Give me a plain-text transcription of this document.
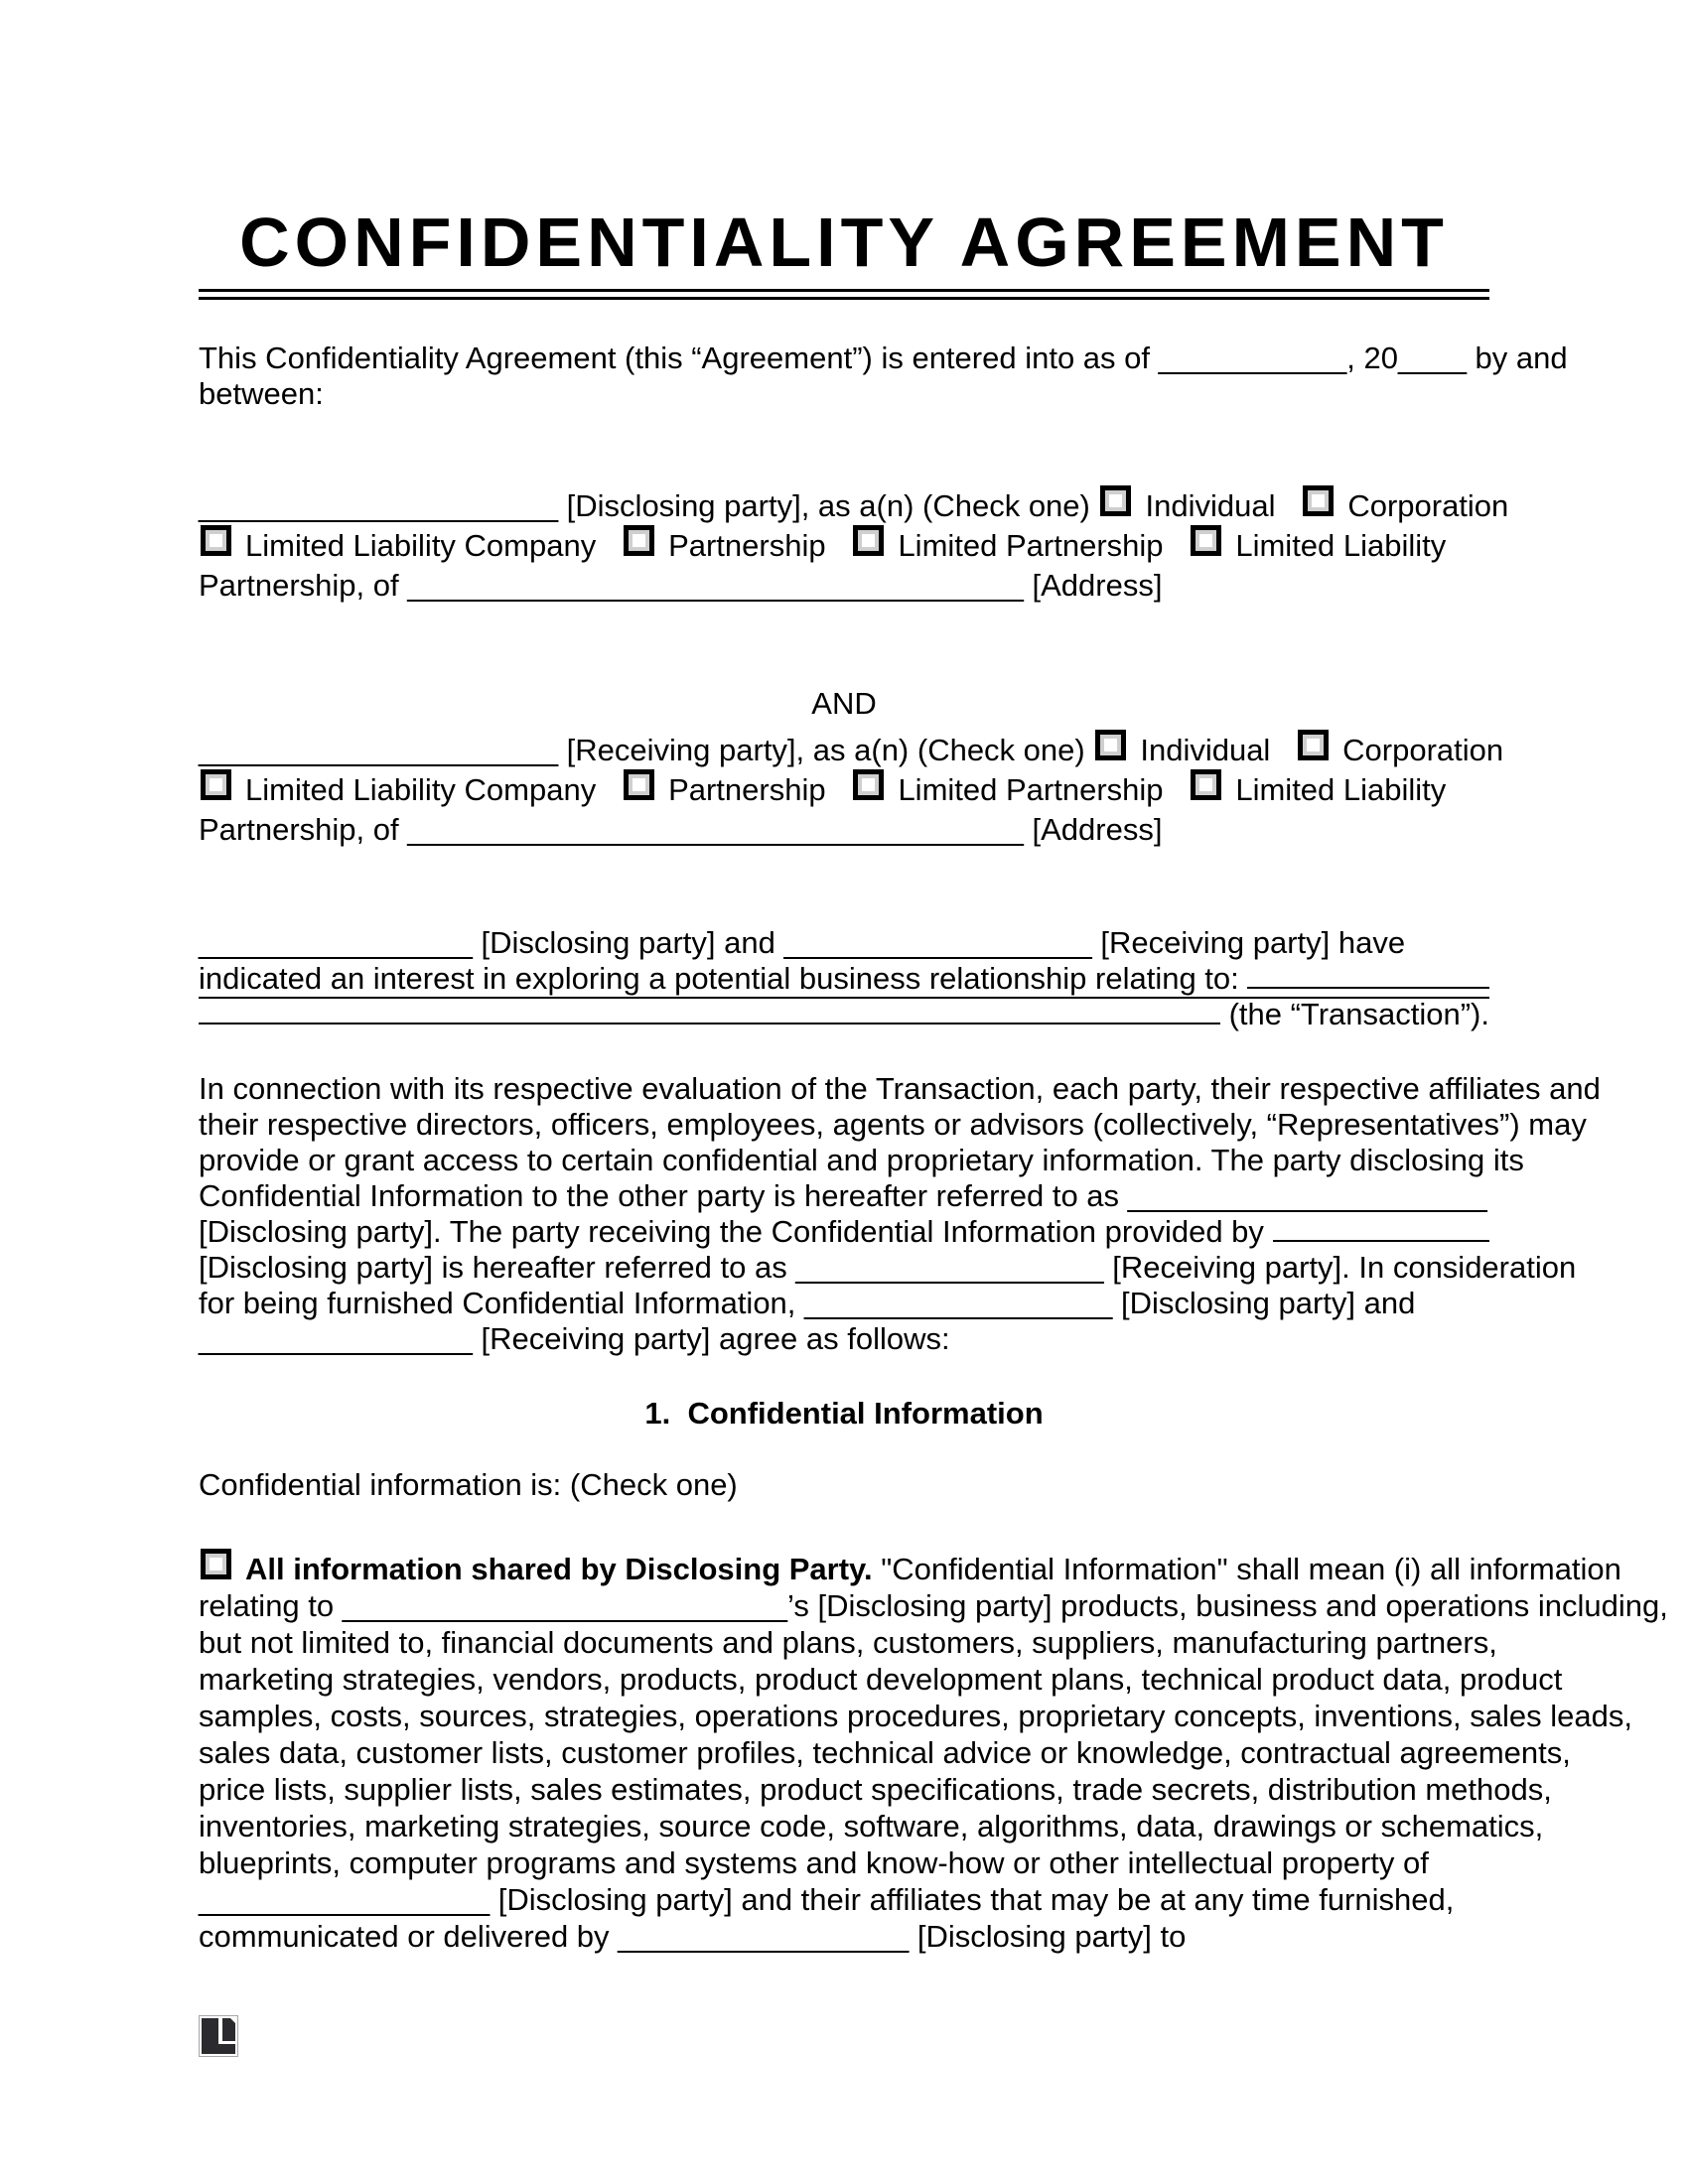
CONFIDENTIALITY AGREEMENT
This Confidentiality Agreement (this “Agreement”) is entered into as of ___________, 20____ by and
between:
_____________________ [Disclosing party], as a(n) (Check one) Individual Corporation
Limited Liability Company Partnership Limited Partnership Limited Liability
Partnership, of ____________________________________ [Address]
AND
_____________________ [Receiving party], as a(n) (Check one) Individual Corporation
Limited Liability Company Partnership Limited Partnership Limited Liability
Partnership, of ____________________________________ [Address]
________________ [Disclosing party] and __________________ [Receiving party] have
indicated an interest in exploring a potential business relationship relating to:
(the “Transaction”).
In connection with its respective evaluation of the Transaction, each party, their respective affiliates and
their respective directors, officers, employees, agents or advisors (collectively, “Representatives”) may
provide or grant access to certain confidential and proprietary information. The party disclosing its
Confidential Information to the other party is hereafter referred to as _____________________
[Disclosing party]. The party receiving the Confidential Information provided by
[Disclosing party] is hereafter referred to as __________________ [Receiving party]. In consideration
for being furnished Confidential Information, __________________ [Disclosing party] and
________________ [Receiving party] agree as follows:
1.  Confidential Information
Confidential information is: (Check one)
All information shared by Disclosing Party. "Confidential Information" shall mean (i) all information
relating to __________________________’s [Disclosing party] products, business and operations including,
but not limited to, financial documents and plans, customers, suppliers, manufacturing partners,
marketing strategies, vendors, products, product development plans, technical product data, product
samples, costs, sources, strategies, operations procedures, proprietary concepts, inventions, sales leads,
sales data, customer lists, customer profiles, technical advice or knowledge, contractual agreements,
price lists, supplier lists, sales estimates, product specifications, trade secrets, distribution methods,
inventories, marketing strategies, source code, software, algorithms, data, drawings or schematics,
blueprints, computer programs and systems and know-how or other intellectual property of
_________________ [Disclosing party] and their affiliates that may be at any time furnished,
communicated or delivered by _________________ [Disclosing party] to
